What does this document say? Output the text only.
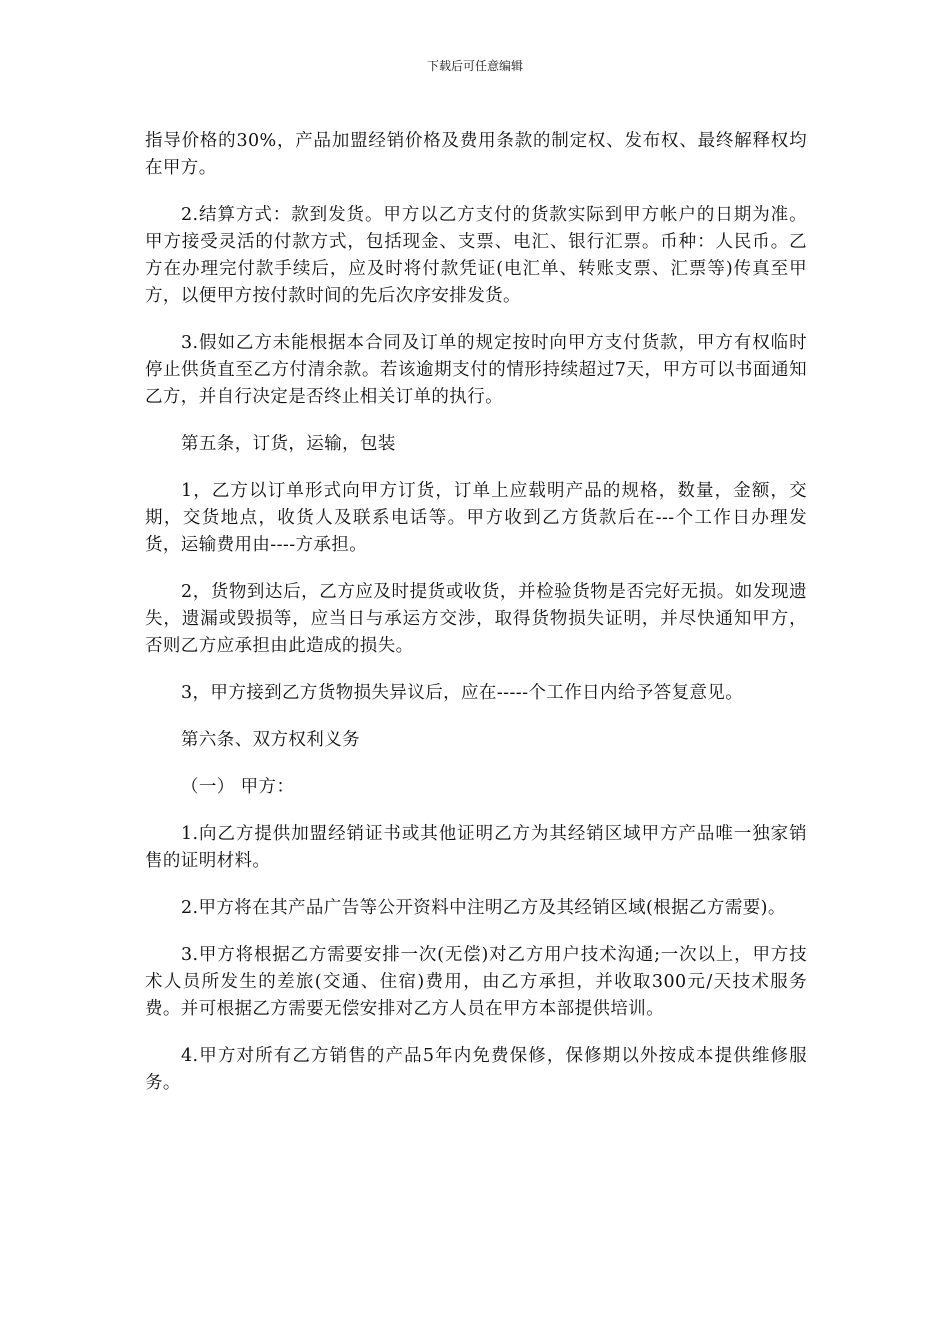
下载后可任意编辑

指导价格的30%，产品加盟经销价格及费用条款的制定权、发布权、最终解释权均在甲方。

2.结算方式：款到发货。甲方以乙方支付的货款实际到甲方帐户的日期为准。甲方接受灵活的付款方式，包括现金、支票、电汇、银行汇票。币种：人民币。乙方在办理完付款手续后，应及时将付款凭证(电汇单、转账支票、汇票等)传真至甲方，以便甲方按付款时间的先后次序安排发货。

3.假如乙方未能根据本合同及订单的规定按时向甲方支付货款，甲方有权临时停止供货直至乙方付清余款。若该逾期支付的情形持续超过7天，甲方可以书面通知乙方，并自行决定是否终止相关订单的执行。

第五条，订货，运输，包装

1，乙方以订单形式向甲方订货，订单上应载明产品的规格，数量，金额，交期，交货地点，收货人及联系电话等。甲方收到乙方货款后在---个工作日办理发货，运输费用由----方承担。

2，货物到达后，乙方应及时提货或收货，并检验货物是否完好无损。如发现遗失，遗漏或毁损等，应当日与承运方交涉，取得货物损失证明，并尽快通知甲方，否则乙方应承担由此造成的损失。

3，甲方接到乙方货物损失异议后，应在-----个工作日内给予答复意见。

第六条、双方权利义务

（一） 甲方：

1.向乙方提供加盟经销证书或其他证明乙方为其经销区域甲方产品唯一独家销售的证明材料。

2.甲方将在其产品广告等公开资料中注明乙方及其经销区域(根据乙方需要)。

3.甲方将根据乙方需要安排一次(无偿)对乙方用户技术沟通;一次以上，甲方技术人员所发生的差旅(交通、住宿)费用，由乙方承担，并收取300元/天技术服务费。并可根据乙方需要无偿安排对乙方人员在甲方本部提供培训。

4.甲方对所有乙方销售的产品5年内免费保修，保修期以外按成本提供维修服务。
